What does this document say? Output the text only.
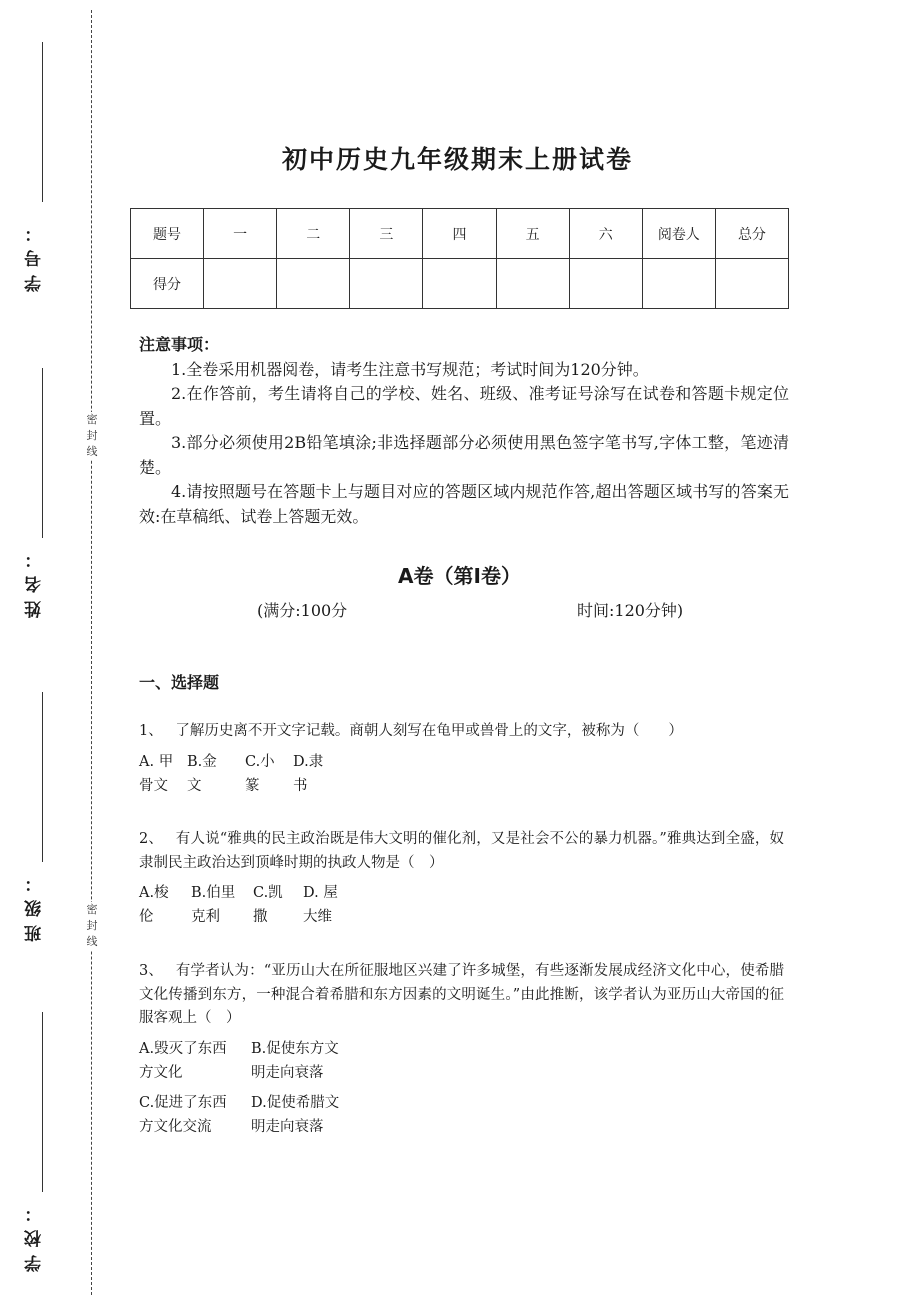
学号：
姓名：
班级：
学校：
密封线
密封线
初中历史九年级期末上册试卷
题号	一	二	三	四	五	六	阅卷人	总分
得分								
注意事项：

1.全卷采用机器阅卷，请考生注意书写规范；考试时间为120分钟。

2.在作答前，考生请将自己的学校、姓名、班级、准考证号涂写在试卷和答题卡规定位置。

3.部分必须使用2B铅笔填涂;非选择题部分必须使用黑色签字笔书写,字体工整，笔迹清楚。

4.请按照题号在答题卡上与题目对应的答题区域内规范作答,超出答题区域书写的答案无效:在草稿纸、试卷上答题无效。

A卷（第Ⅰ卷）
(满分:100分	时间:120分钟)
一、选择题
1、 了解历史离不开文字记载。商朝人刻写在龟甲或兽骨上的文字，被称为（　　）
A. 甲
骨文
B.金
文
C.小
篆
D.隶
书
2、 有人说“雅典的民主政治既是伟大文明的催化剂，又是社会不公的暴力机器。”雅典达到全盛，奴隶制民主政治达到顶峰时期的执政人物是（　）
A.梭
伦
B.伯里
克利
C.凯
撒
D. 屋
大维
3、 有学者认为：“亚历山大在所征服地区兴建了许多城堡，有些逐渐发展成经济文化中心，使希腊文化传播到东方，一种混合着希腊和东方因素的文明诞生。”由此推断，该学者认为亚历山大帝国的征服客观上（　）
A.毁灭了东西
方文化
B.促使东方文
明走向衰落
C.促进了东西
方文化交流
D.促使希腊文
明走向衰落
